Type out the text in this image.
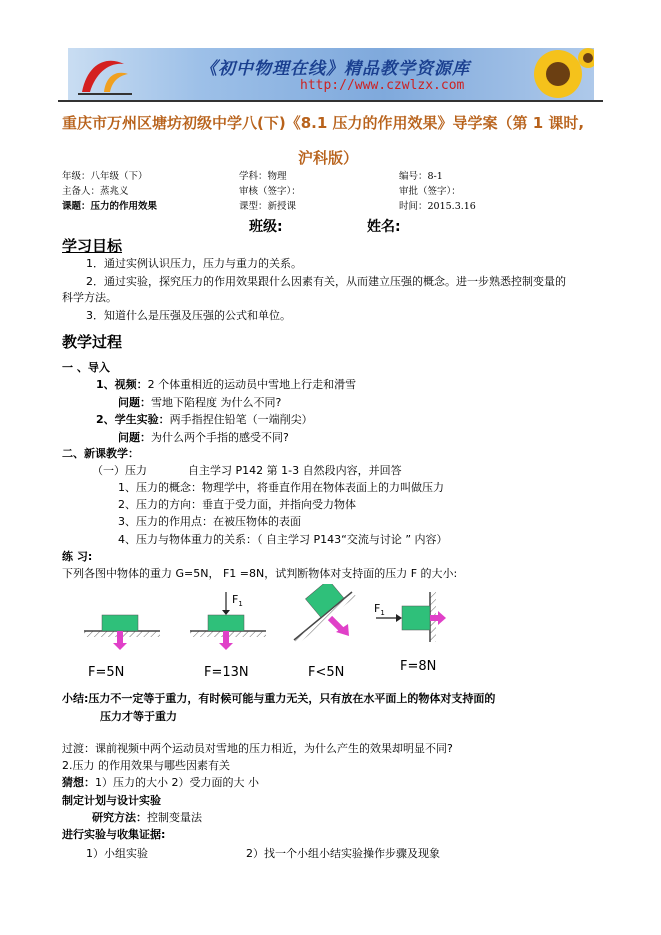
《初中物理在线》精品教学资源库
http://www.czwlzx.com
重庆市万州区塘坊初级中学八(下)《8.1 压力的作用效果》导学案（第 1 课时,
沪科版）
年级：八年级（下）	学科：物理	编号：8-1
主备人：蒸兆义	审核（签字）：	审批（签字）：
课题：压力的作用效果	课型：新授课	时间：2015.3.16
班级:	姓名:
学习目标
1．通过实例认识压力，压力与重力的关系。
2．通过实验，探究压力的作用效果跟什么因素有关，从而建立压强的概念。进一步熟悉控制变量的
科学方法。
3．知道什么是压强及压强的公式和单位。
教学过程
一 、导入
1、视频：2 个体重相近的运动员中雪地上行走和滑雪
问题：雪地下陷程度 为什么不同?
2、学生实验：两手指捏住铅笔（一端削尖）
问题：为什么两个手指的感受不同?
二、新课教学：
（一）压力	自主学习 P142 第 1-3 自然段内容，并回答
1、压力的概念：物理学中，将垂直作用在物体表面上的力叫做压力
2、压力的方向：垂直于受力面，并指向受力物体
3、压力的作用点：在被压物体的表面
4、压力与物体重力的关系：（ 自主学习 P143“交流与讨论 ” 内容）
练 习:
下列各图中物体的重力 G=5N， F1 =8N，试判断物体对支持面的压力 F 的大小:
$F_1$	$F_1$
F=5N	F=13N	F<5N	F=8N
小结:压力不一定等于重力，有时候可能与重力无关，只有放在水平面上的物体对支持面的
压力才等于重力
过渡：课前视频中两个运动员对雪地的压力相近，为什么产生的效果却明显不同?
2.压力 的作用效果与哪些因素有关
猜想：1）压力的大小 2）受力面的大 小
制定计划与设计实验
研究方法：控制变量法
进行实验与收集证据:
1）小组实验	2）找一个小组小结实验操作步骤及现象
